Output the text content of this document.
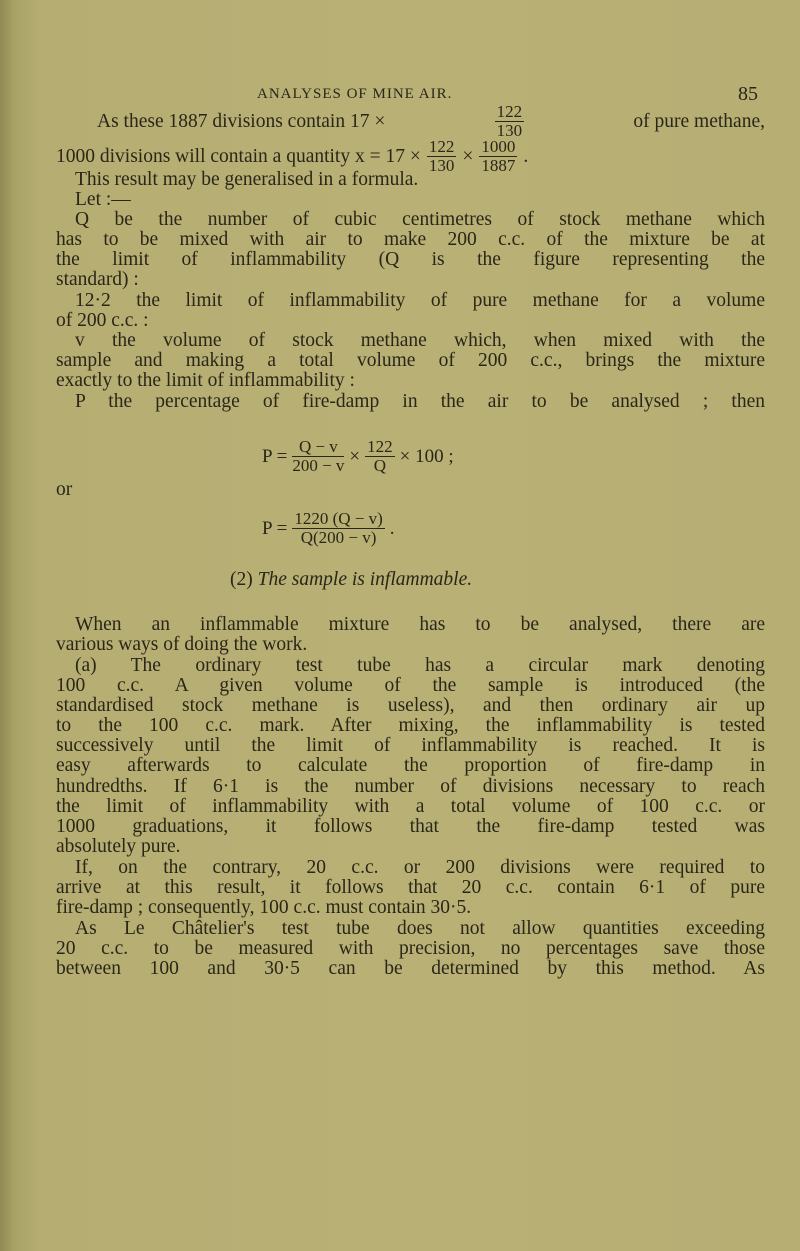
ANALYSES OF MINE AIR.	85
As these 1887 divisions contain 17 ×	$\frac{122}{130}$	of pure methane,
1000 divisions will contain a quantity $x = 17 \times \frac{122}{130} \times \frac{1000}{1887}$ .
This result may be generalised in a formula.
Let :—
Q be the number of cubic centimetres of stock methane which
has to be mixed with air to make 200 c.c. of the mixture be at
the limit of inflammability (Q is the figure representing the
standard) :
12·2 the limit of inflammability of pure methane for a volume
of 200 c.c. :
v the volume of stock methane which, when mixed with the
sample and making a total volume of 200 c.c., brings the mixture
exactly to the limit of inflammability :
P the percentage of fire-damp in the air to be analysed ; then
$P = \frac{Q - v}{200 - v} \times \frac{122}{Q} \times 100$ ;
or
$P = \frac{1220 (Q - v)}{Q(200 - v)}$ .
(2) The sample is inflammable.
When an inflammable mixture has to be analysed, there are
various ways of doing the work.
(a) The ordinary test tube has a circular mark denoting
100 c.c. A given volume of the sample is introduced (the
standardised stock methane is useless), and then ordinary air up
to the 100 c.c. mark. After mixing, the inflammability is tested
successively until the limit of inflammability is reached. It is
easy afterwards to calculate the proportion of fire-damp in
hundredths. If 6·1 is the number of divisions necessary to reach
the limit of inflammability with a total volume of 100 c.c. or
1000 graduations, it follows that the fire-damp tested was
absolutely pure.
If, on the contrary, 20 c.c. or 200 divisions were required to
arrive at this result, it follows that 20 c.c. contain 6·1 of pure
fire-damp ; consequently, 100 c.c. must contain 30·5.
As Le Châtelier's test tube does not allow quantities exceeding
20 c.c. to be measured with precision, no percentages save those
between 100 and 30·5 can be determined by this method. As
